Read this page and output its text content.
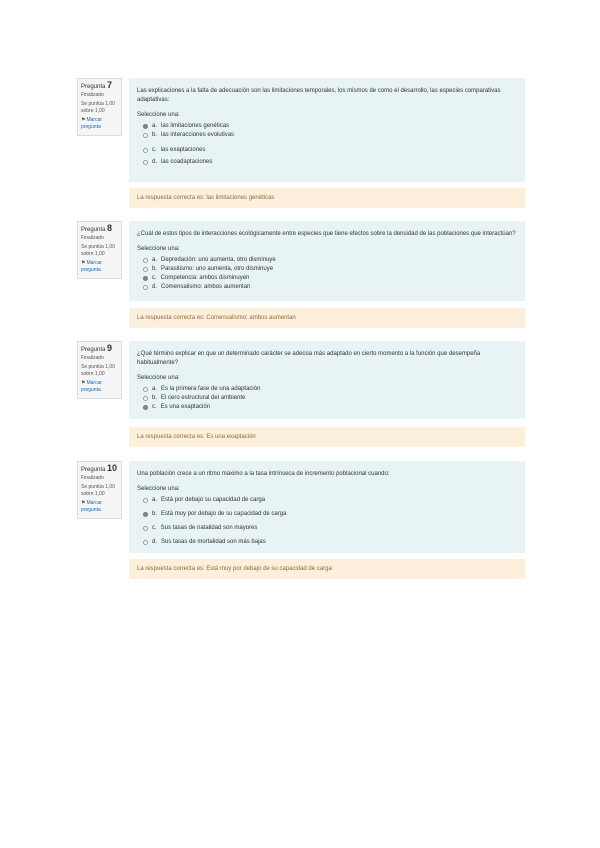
Pregunta 7
Finalizado
Se puntúa 1,00 sobre 1,00
⚑Marcar pregunta
Las explicaciones a la falta de adecuación son las limitaciones temporales, los mismos de como el desarrollo, las especies comparativas adaptativas:
Seleccione una:
a. las limitaciones genéticas
b. las interacciones evolutivas
c. las exaptaciones
d. las coadaptaciones
La respuesta correcta es: las limitaciones genéticas
Pregunta 8
Finalizado
Se puntúa 1,00 sobre 1,00
⚑Marcar pregunta
¿Cuál de estos tipos de interacciones ecológicamente entre especies que tiene efectos sobre la densidad de las poblaciones que interactúan?
Seleccione una:
a. Depredación: uno aumenta, otro disminuye
b. Parasitismo: uno aumenta, otro disminuye
c. Competencia: ambos disminuyen
d. Comensalismo: ambos aumentan
La respuesta correcta es: Comensalismo: ambos aumentan
Pregunta 9
Finalizado
Se puntúa 1,00 sobre 1,00
⚑Marcar pregunta
¿Qué término explicar en que un determinado carácter se adecúa más adaptado en cierto momento a la función que desempeña habitualmente?
Seleccione una:
a. Es la primera fase de una adaptación
b. El cero estructural del ambiente
c. Es una exaptación
La respuesta correcta es: Es una exaptación
Pregunta 10
Finalizado
Se puntúa 1,00 sobre 1,00
⚑Marcar pregunta
Una población crece a un ritmo máximo a la tasa intrínseca de incremento poblacional cuando:
Seleccione una:
a. Está por debajo su capacidad de carga
b. Está muy por debajo de su capacidad de carga
c. Sus tasas de natalidad son mayores
d. Sus tasas de mortalidad son más bajas
La respuesta correcta es: Está muy por debajo de su capacidad de carga
